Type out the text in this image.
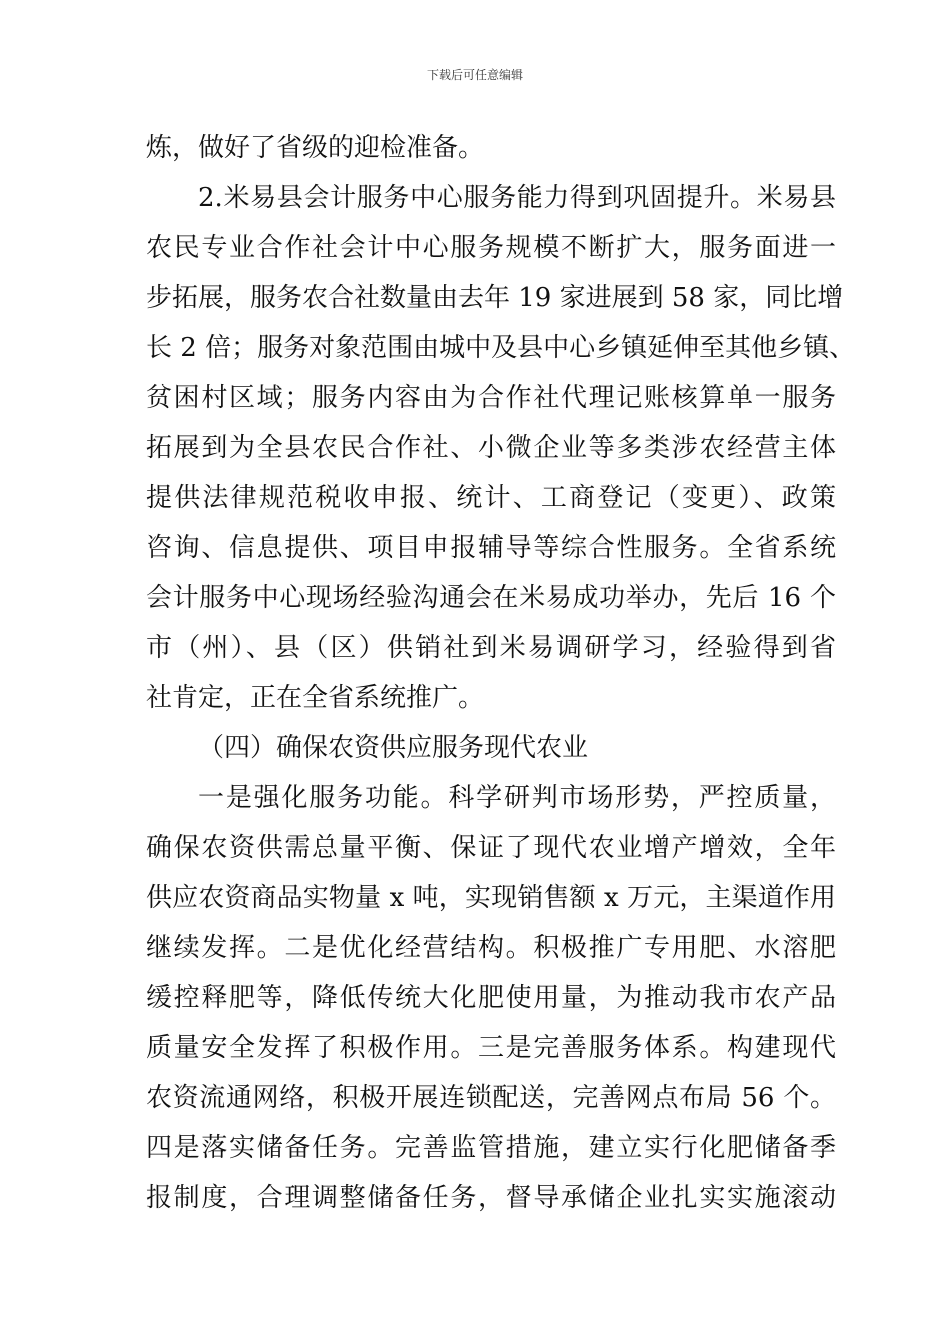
下载后可任意编辑
炼，做好了省级的迎检准备。
2.米易县会计服务中心服务能力得到巩固提升。米易县
农民专业合作社会计中心服务规模不断扩大，服务面进一
步拓展，服务农合社数量由去年 19 家进展到 58 家，同比增
长 2 倍；服务对象范围由城中及县中心乡镇延伸至其他乡镇、
贫困村区域；服务内容由为合作社代理记账核算单一服务
拓展到为全县农民合作社、小微企业等多类涉农经营主体
提供法律规范税收申报、统计、工商登记（变更）、政策
咨询、信息提供、项目申报辅导等综合性服务。全省系统
会计服务中心现场经验沟通会在米易成功举办，先后 16 个
市（州）、县（区）供销社到米易调研学习，经验得到省
社肯定，正在全省系统推广。
（四）确保农资供应服务现代农业
一是强化服务功能。科学研判市场形势，严控质量，
确保农资供需总量平衡、保证了现代农业增产增效，全年
供应农资商品实物量 x 吨，实现销售额 x 万元，主渠道作用
继续发挥。二是优化经营结构。积极推广专用肥、水溶肥
缓控释肥等，降低传统大化肥使用量，为推动我市农产品
质量安全发挥了积极作用。三是完善服务体系。构建现代
农资流通网络，积极开展连锁配送，完善网点布局 56 个。
四是落实储备任务。完善监管措施，建立实行化肥储备季
报制度，合理调整储备任务，督导承储企业扎实实施滚动
